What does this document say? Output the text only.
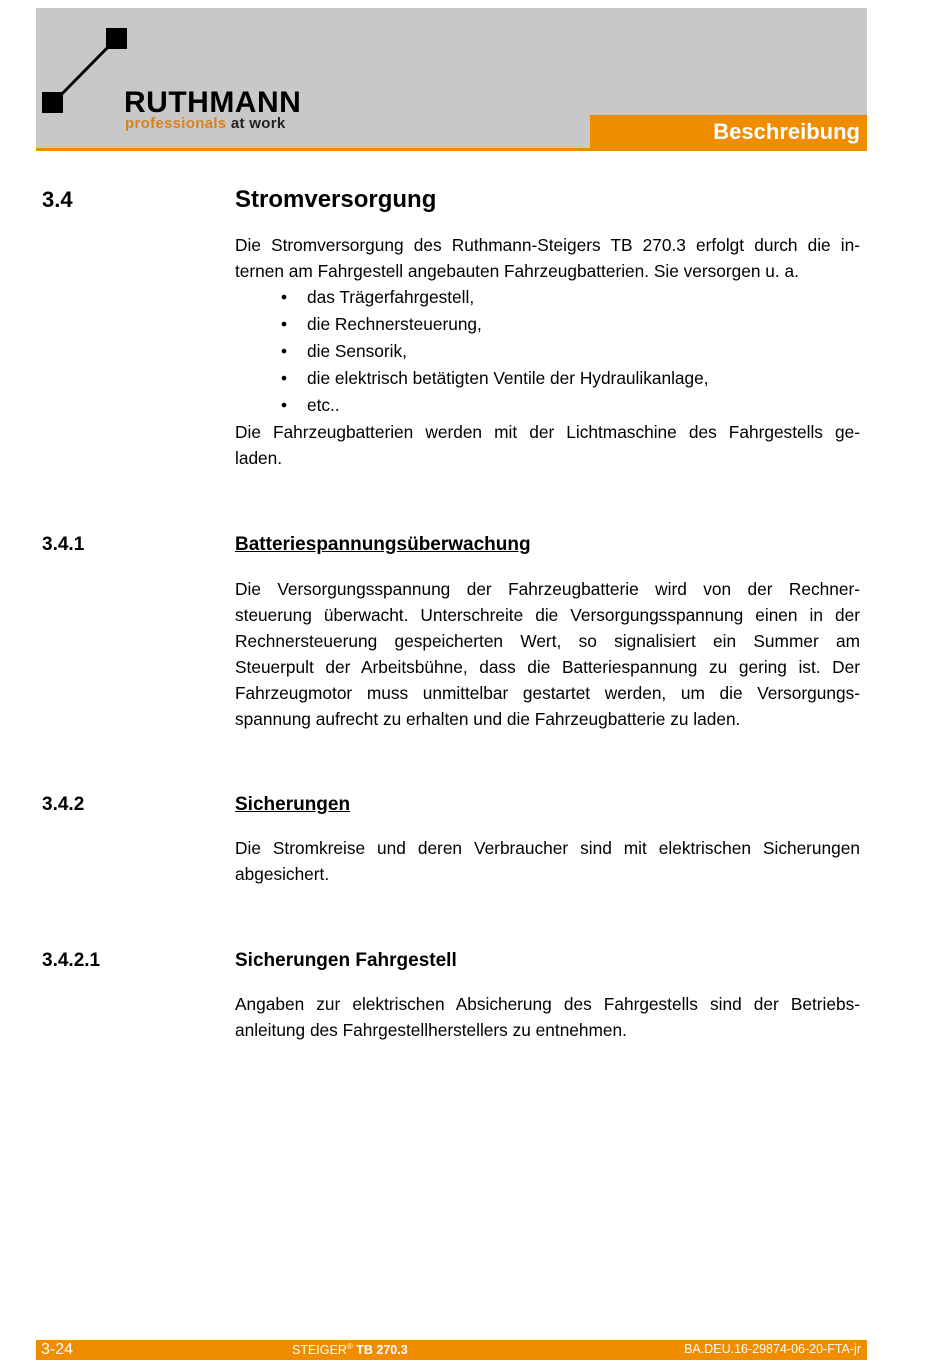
RUTHMANN
professionals at work	Beschreibung
3.4	Stromversorgung
Die Stromversorgung des Ruthmann-Steigers TB 270.3 erfolgt durch die in-
ternen am Fahrgestell angebauten Fahrzeugbatterien. Sie versorgen u. a.
• das Trägerfahrgestell,
• die Rechnersteuerung,
• die Sensorik,
• die elektrisch betätigten Ventile der Hydraulikanlage,
• etc..
Die Fahrzeugbatterien werden mit der Lichtmaschine des Fahrgestells ge-
laden.
3.4.1	Batteriespannungsüberwachung
Die Versorgungsspannung der Fahrzeugbatterie wird von der Rechner-
steuerung überwacht. Unterschreite die Versorgungsspannung einen in der
Rechnersteuerung gespeicherten Wert, so signalisiert ein Summer am
Steuerpult der Arbeitsbühne, dass die Batteriespannung zu gering ist. Der
Fahrzeugmotor muss unmittelbar gestartet werden, um die Versorgungs-
spannung aufrecht zu erhalten und die Fahrzeugbatterie zu laden.
3.4.2	Sicherungen
Die Stromkreise und deren Verbraucher sind mit elektrischen Sicherungen
abgesichert.
3.4.2.1	Sicherungen Fahrgestell
Angaben zur elektrischen Absicherung des Fahrgestells sind der Betriebs-
anleitung des Fahrgestellherstellers zu entnehmen.
3-24	STEIGER® TB 270.3	BA.DEU.16-29874-06-20-FTA-jr
